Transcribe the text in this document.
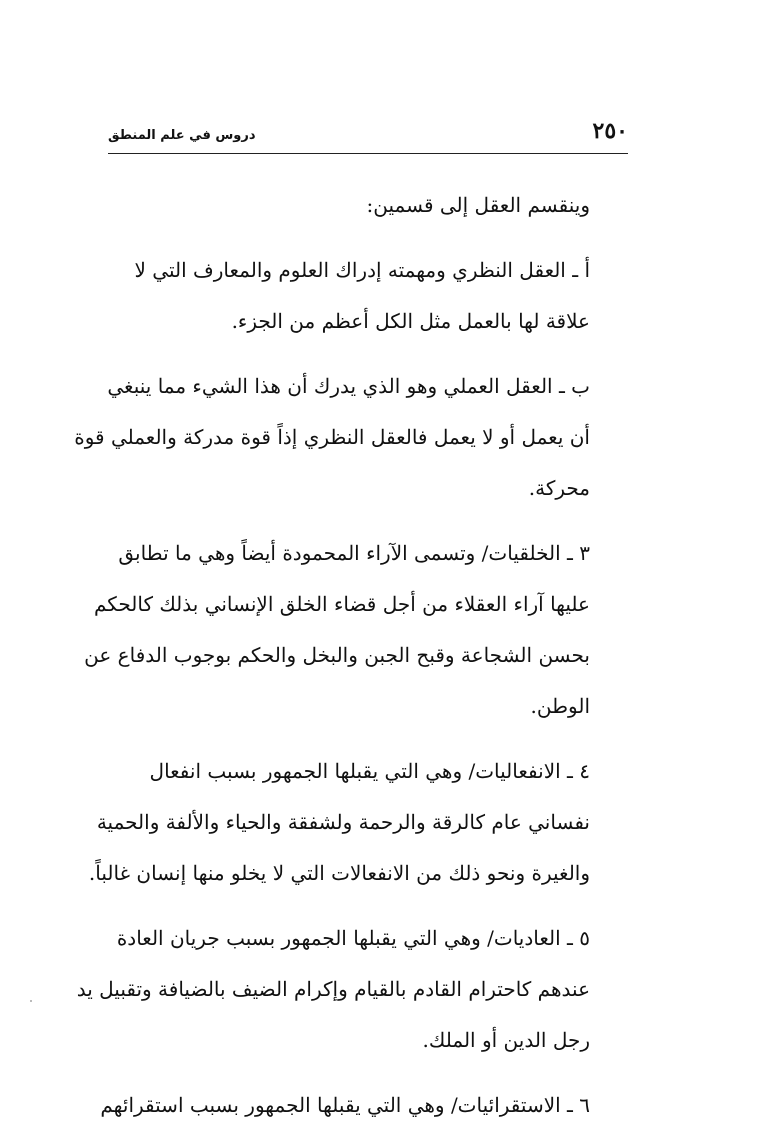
دروس في علم المنطق	٢٥٠

وينقسم العقل إلى قسمين:

أ ـ العقل النظري ومهمته إدراك العلوم والمعارف التي لا
علاقة لها بالعمل مثل الكل أعظم من الجزء.

ب ـ العقل العملي وهو الذي يدرك أن هذا الشيء مما ينبغي
أن يعمل أو لا يعمل فالعقل النظري إذاً قوة مدركة والعملي قوة
محركة.

٣ ـ الخلقيات/ وتسمى الآراء المحمودة أيضاً وهي ما تطابق
عليها آراء العقلاء من أجل قضاء الخلق الإنساني بذلك كالحكم
بحسن الشجاعة وقبح الجبن والبخل والحكم بوجوب الدفاع عن
الوطن.

٤ ـ الانفعاليات/ وهي التي يقبلها الجمهور بسبب انفعال
نفساني عام كالرقة والرحمة ولشفقة والحياء والألفة والحمية
والغيرة ونحو ذلك من الانفعالات التي لا يخلو منها إنسان غالباً.

٥ ـ العاديات/ وهي التي يقبلها الجمهور بسبب جريان العادة
عندهم كاحترام القادم بالقيام وإكرام الضيف بالضيافة وتقبيل يد
رجل الدين أو الملك.

٦ ـ الاستقرائيات/ وهي التي يقبلها الجمهور بسبب استقرائهم
